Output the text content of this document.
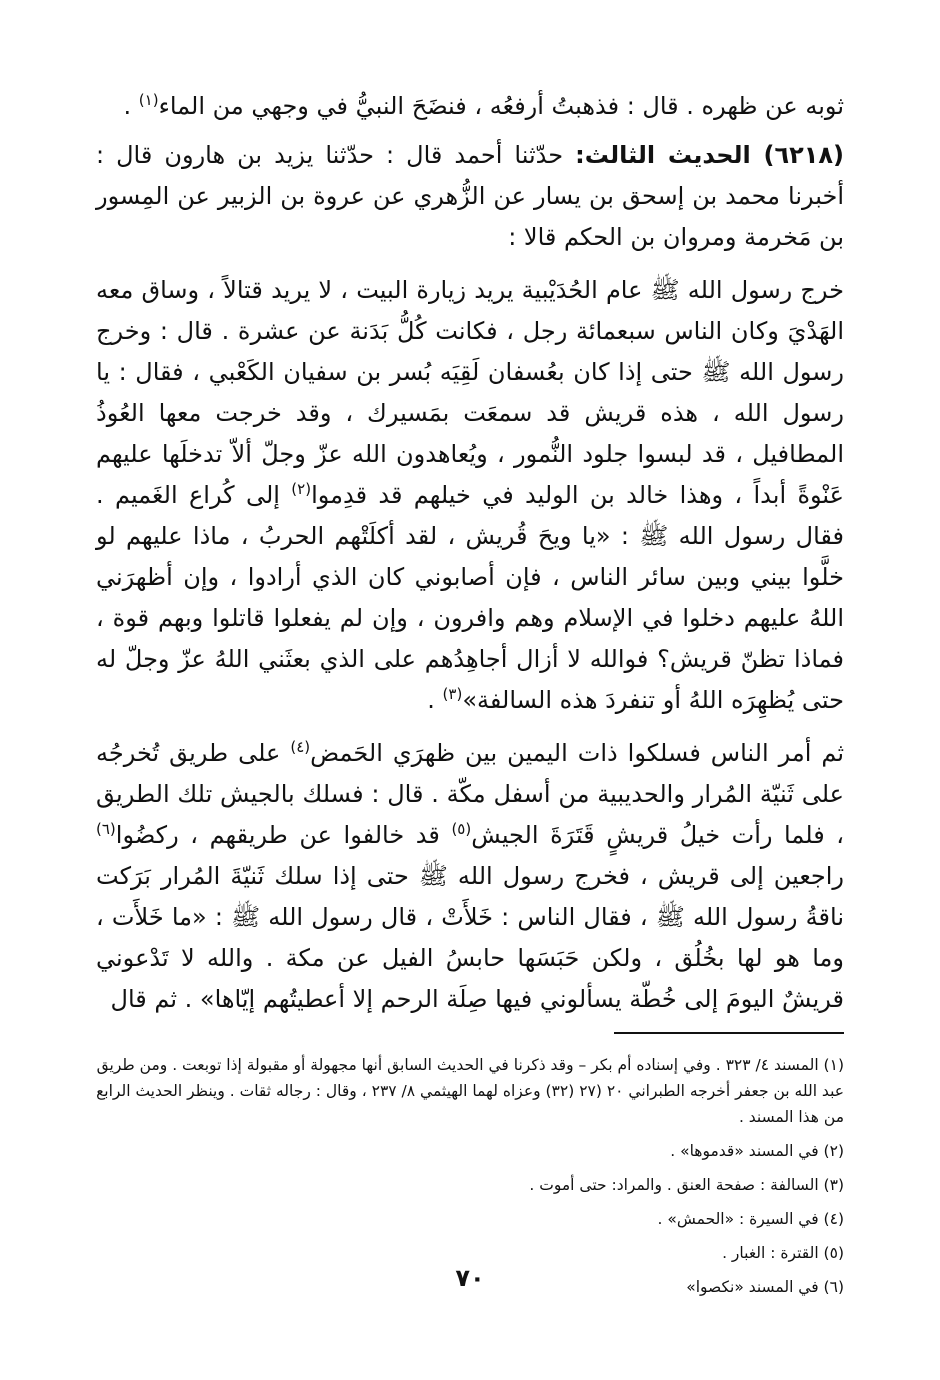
ثوبه عن ظهره . قال : فذهبتُ أرفعُه ، فنضَحَ النبيُّ في وجهي من الماء$^{(١)}$ .

(٦٢١٨) الحديث الثالث: حدّثنا أحمد قال : حدّثنا يزيد بن هارون قال : أخبرنا محمد بن إسحق بن يسار عن الزُّهري عن عروة بن الزبير عن المِسور بن مَخرمة ومروان بن الحكم قالا :

خرج رسول الله ﷺ عام الحُدَيْبية يريد زيارة البيت ، لا يريد قتالاً ، وساق معه الهَدْيَ وكان الناس سبعمائة رجل ، فكانت كُلُّ بَدَنة عن عشرة . قال : وخرج رسول الله ﷺ حتى إذا كان بعُسفان لَقِيَه بُسر بن سفيان الكَعْبي ، فقال : يا رسول الله ، هذه قريش قد سمعَت بمَسيرك ، وقد خرجت معها العُوذُ المطافيل ، قد لبسوا جلود النُّمور ، ويُعاهدون الله عزّ وجلّ ألاّ تدخلَها عليهم عَنْوةً أبداً ، وهذا خالد بن الوليد في خيلهم قد قدِموا$^{(٢)}$ إلى كُراع الغَميم . فقال رسول الله ﷺ : «يا ويحَ قُريش ، لقد أكلَتْهم الحربُ ، ماذا عليهم لو خلَّوا بيني وبين سائر الناس ، فإن أصابوني كان الذي أرادوا ، وإن أظهرَني اللهُ عليهم دخلوا في الإسلام وهم وافرون ، وإن لم يفعلوا قاتلوا وبهم قوة ، فماذا تظنّ قريش؟ فوالله لا أزال أجاهِدُهم على الذي بعثَني اللهُ عزّ وجلّ له حتى يُظهِرَه اللهُ أو تنفردَ هذه السالفة»$^{(٣)}$ .

ثم أمر الناس فسلكوا ذات اليمين بين ظهرَي الحَمض$^{(٤)}$ على طريق تُخرجُه على ثَنيّة المُرار والحديبية من أسفل مكّة . قال : فسلك بالجيش تلك الطريق ، فلما رأت خيلُ قريشٍ قَتَرَةَ الجيش$^{(٥)}$ قد خالفوا عن طريقهم ، ركضُوا$^{(٦)}$ راجعين إلى قريش ، فخرج رسول الله ﷺ حتى إذا سلك ثَنيّةَ المُرار بَرَكت ناقةُ رسول الله ﷺ ، فقال الناس : خَلأَتْ ، قال رسول الله ﷺ : «ما خَلأَت ، وما هو لها بخُلُق ، ولكن حَبَسَها حابسُ الفيل عن مكة . والله لا تَدْعوني قريشٌ اليومَ إلى خُطّة يسألوني فيها صِلَة الرحم إلا أعطيتُهم إيّاها» . ثم قال

(١) المسند ٤/ ٣٢٣ . وفي إسناده أم بكر – وقد ذكرنا في الحديث السابق أنها مجهولة أو مقبولة إذا توبعت . ومن طريق عبد الله بن جعفر أخرجه الطبراني ٢٠ (٢٧ (٣٢) وعزاه لهما الهيثمي ٨/ ٢٣٧ ، وقال : رجاله ثقات . وينظر الحديث الرابع من هذا المسند .

(٢) في المسند «قدموها» .

(٣) السالفة : صفحة العنق . والمراد: حتى أموت .

(٤) في السيرة : «الحمش» .

(٥) القترة : الغبار .

(٦) في المسند «نكصوا»

٧٠
